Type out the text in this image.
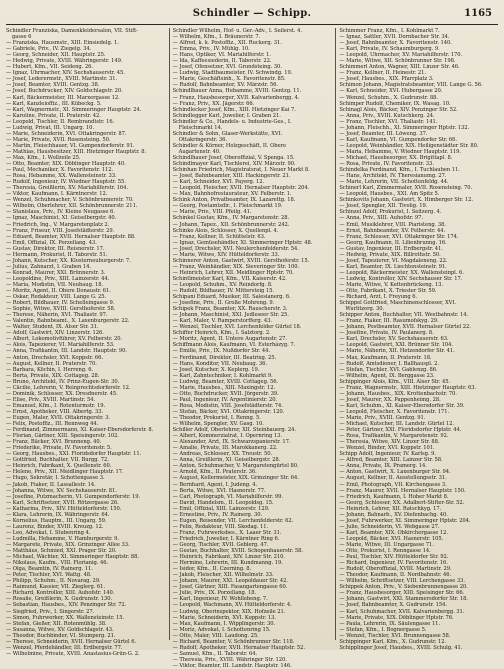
Schindler — Schipp.	1165
Schindler Franziska, Damenkleidersalon, VII. Stift-
gasse 6
— Franziska, Hausmstr., XIII. Einsiedelg. 1.
— Gabriele, Priv., IV. Ziegelg. 34.
— Georg, Schneider, XII. Hauptstr. 25.
— Hedwig, Private, XVIII. Währingerstr. 149.
— Hubert, Kfm., VII. Seideng. 26.
— Ignaz, Uhrmacher, XIV. Sechshauserstr. 45.
— Josef, Lederermstr., XVIII. Martinstr. 31.
— Josef, Beamter, XVIII. Gentzg. 38.
— Josef, Buchdrucker, XIV. Goldschlagstr. 20.
— Karl, Bäckermeister, III. Marxergasse 12.
— Karl, Kanzleioffiz., III. Kübeckg. 5.
— Karl, Wagnermstr., XI. Simmeringer Hauptstr. 24.
— Karoline, Private, II. Praterstr. 42.
— Leopold, Tischler, II. Rembrandtstr. 16.
— Ludwig, Privat, III. Ungarg. 10.
— Marie, Schneiderin, XVI. Ottakringerstr. 87.
— Marie, Private, XVII. Rosensteing. 50.
— Martin, Fleischhauer, VI. Gumpendorferstr. 91.
— Mathias, Hausbesitzer, XIII. Hietzinger Hauptstr. 8.
— Max, Kfm., I. Wollzeile 25.
— Otto, Beamter, XIX. Döblinger Hauptstr. 40.
— Paul, Mechaniker, X. Favoritenstr. 112.
— Rosa, Hebamme, XX. Wallensteinstr. 33.
— Rudolf, Ingenieur, IV. Wiedner Hauptstr. 55.
— Theresia, Greißlerin, XV. Mariahilferstr. 164.
— Viktor, Kaufmann, I. Kärntnerstr. 12.
— Wenzel, Schuhmacher, V. Schönbrunnerstr. 70.
— Wilhelm, Oberlehrer, XII. Schönbrunnerstr. 211.
— Stanislaus, Priv., IV. Kleine Neugasse 6.
— Ignaz, Maschinist, XI. Geiselbergstr. 40.
— Friedrich, Ing., V. Margaretenplatz 2.
— Franz, Friseur, VIII. Josefstädterstr. 29.
— Eduard, Beamter, XVII. Hernalser Hauptstr. 88.
— Emil, Offizial, IX. Porzellang. 43.
— Gustav, Direktor, III. Reisnerstr. 17.
— Hermann, Prokurist, II. Taborstr. 51.
— Johann, Kutscher, XX. Klosterneuburgerstr. 7.
— Julius, Zahnarzt, I. Graben 14.
— Konrad, Maurer, XXI. Brünnerstr. 3.
— Leopoldine, Priv., XIII. Lainzerstr. 44.
— Maria, Modistin, VII. Neubaug. 18.
— Moritz, Agent, II. Obere Donaustr. 61.
— Oskar, Redakteur, VIII. Lange G. 25.
— Robert, Bildhauer, IV. Schelleingasse 9.
— Sophie, Witwe, XVIII. Gersthoferstr. 58.
— Therese, Näherin, XVI. Thaliastr. 97.
— Valentin, Bahnbeamt., X. Laxenburgerstr. 22.
— Walter, Student, IX. Alser Str. 31.
— Adolf, Gastwirt, XIV. Linzerstr. 126.
— Albert, Lokomotivführer, XV. Felberstr. 20.
— Alois, Tapezierer, VI. Mariahilferstr. 53.
— Anna, Trafikantin, III. Landstr. Hauptstr. 90.
— Anton, Drechsler, XVI. Koppstr. 66.
— August, Kellner, II. Praterstr. 70.
— Barbara, Köchin, I. Herreng. 6.
— Berta, Private, XIX. Cottageg. 28.
— Bruno, Architekt, IV. Prinz-Eugen-Str. 30.
— Cäcilie, Lehrerin, V. Reinprechtsdorferstr. 12.
— Dominik, Schlosser, XX. Dresdnerstr. 45.
— Elise, Priv., XVIII. Martinstr. 54.
— Emanuel, Kfm., I. Rotenturmstr. 19.
— Ernst, Apotheker, VIII. Albertg. 33.
— Eugen, Maler, XVII. Ottakringerstr. 3.
— Felix, Postoffiz., III. Rennweg 44.
— Ferdinand, Zimmermann, XI. Kaiser-Ebersdorferstr. 8.
— Florian, Gärtner, XIII. Speisingerstr. 102.
— Franz, Bäcker, XVI. Brunneng. 40.
— Friederike, Private, IV. Favoritenstr. 5.
— Georg, Hausbes., XXI. Floridsdorfer Hauptstr. 11.
— Gottfried, Buchhalter, VII. Burgg. 72.
— Heinrich, Fabrikant, X. Quellenstr. 60.
— Helene, Priv., XII. Meidlinger Hauptstr. 17.
— Hugo, Sekretär, I. Schottengasse 3.
— Jakob, Fiaker, II. Lassallestr. 14.
— Johanna, Witwe, XV. Sechshauserstr. 81.
— Josefine, Putzmacherin, VI. Gumpendorferstr. 19.
— Karl, Schriftsetzer, XVII. Rötzergasse 26.
— Katharina, Priv., XIV. Hütteldorferstr. 150.
— Klara, Lehrerin, IX. Währingerstr. 64.
— Kornelius, Hauptm., III. Ungarg. 59.
— Laurenz, Binder, XVIII. Kreuzg. 12.
— Leo, Advokat, I. Stubenring 4.
— Ludmilla, Hebamme, V. Hamburgerstr. 9.
— Margarete, Private, XIX. Grinzinger Allee 33.
— Matthäus, Schmied, XXI. Prager Str. 20.
— Michael, Wächter, XI. Simmeringer Hauptstr. 88.
— Nikolaus, Kaufm., VIII. Florianig. 46.
— Olga, Beamtin, IV. Rainerg. 11.
— Peter, Tischler, XVI. Wattg. 48.
— Philipp, Schuhm., II. Novarag. 29.
— Raimund, Kassier, VII. Zieglerg. 61.
— Richard, Kontrollor, XIII. Auhofstr. 140.
— Rosalie, Greißlerin, X. Gudrunstr. 130.
— Sebastian, Hausbes., XIV. Penzinger Str. 72.
— Siegfried, Priv., I. Singerstr. 27.
— Simon, Fuhrwerker, XX. Wallensteinstr. 15.
— Stefan, Gießer, XII. Rotenmühlg. 38.
— Susanna, Witwe, XV. Goldschlagstr. 43.
— Theodor, Buchbinder, VI. Stumperg. 21.
— Therese, Schneiderin, XVII. Hernalser Gürtel 6.
— Wenzel, Pferdehändler, III. Erdbergstr. 77.
— Wilhelmine, Private, XVIII. Anastasius-Grün-G. 2.
Schindler Wilhelm, Hof- u. Ger.-Adv., I. Seilerst. 4.
— Wilhelm, Kfm., I. Bräunerstr. 7.
— Alfred, k. k. Postoffiz., XII. Ruckerg. 31.
— Emma, Priv., IV. Mühlg. 10.
— Hans, Optiker, VI. Mariahilferstr. 1.
— Ida, Kaffeesiederin, II. Taborstr. 22.
— Josef, Ofensetzer, XVI. Grundsteing. 30.
— Ludwig, Stadtbaumeister, IV. Schwindg. 19.
— Marie, Geschäftsinh., X. Favoritenstr. 85.
— Rudolf, Bahnbeamter, XV. Märzstr. 56.
Schindlbauer Anna, Hebamme, XVIII. Gentzg. 11.
— Franz, Hausbesorger, XVII. Kalvarienbergg. 4.
— Franz, Priv., XX. Jägerstr. 66.
Schindlecker Josef, Kfm., XIII. Hietzinger Kai 7.
Schindlegger Karl, Juwelier, I. Graben 21.
Schindler & Co., Handels- u. Industrie-Ges., I.
Fleischmarkt 14.
Schindler & Sohn, Glaser-Werkstätte, XVI.
Ottakringerstr. 36.
Schindler & Körner, Holzgeschäft, II. Obere
Augartenstr. 40.
Schindlhauer Josef, Oberoffizial, V. Spenga. 15.
Schindlmayer Karl, Tischlerei, XIV. Märzstr. 90.
Schinhan Friedrich, Magistratsrat, I. Neuer Markt 8.
— Josef, Bahnbeamter, XIII. Hackingerstr. 21.
— Karl, Schneider, XVI. Payerg. 12.
— Leopold, Fleischer, XVII. Hernalser Hauptstr. 204.
— Max, Bahnhofrestaurateur, XV. Felberstr. 1.
Schink Anton, Privatbeamter, IX. Lazarettg. 18.
— Georg, Postamtsdir., I. Fleischmarkt 19.
— Marie, Priv., VIII. Pfeilg. 41.
Schinkel Gustav, Kfm., IV. Margaretenstr. 28.
— Johann, Tapez., XII. Schönbrunnerstr. 242.
Schinko Alois, Schlosser, X. Quellenpl. 4.
— Franz, Kellner, II. Schüttelstr. 63.
— Ignaz, Gemüsehändler, XI. Simmeringer Hptstr. 48.
— Josef, Drechsler, XVI. Neulerchenfelderstr. 54.
— Marie, Witwe, XIV. Hütteldorferstr. 33.
Schinnerer Anton, Gastwirt, XVIII. Gersthoferstr. 15.
— Franz, Weinhändler, XIX. Sieveringer Str. 100.
— Heinrich, Lehrer, XII. Meidlinger Hptstr. 70.
Schintlmeister Karl, Kfm., VII. Kaiserstr. 42.
— Leopold, Schuhm., XV. Reindorfg. 8.
— Rudolf, Bildhauer, IV. Mittersteig 15.
Schipani Eduard, Musiker, III. Salesianerg. 6.
— Josefine, Priv., II. Große Mohreng. 9.
Schipek Franz, Beamter, XX. Rauscherstr. 3.
— Johann, Maschinist, XXI. Jedleseer Str. 25.
— Karl, Maler, V. Ramperstorfferg. 43.
— Wenzel, Tischler, XVI. Lerchenfelder Gürtel 18.
Schiffer Heinrich, Kfm., I. Salztorg. 2.
— Moritz, Agent, II. Untere Augartenstr. 27.
Schiffmann Alois, Kaufmann, VI. Esterházyg. 7.
— Emilie, Priv., IX. Nußdorfer Str. 44.
— Ferdinand, Direktor, III. Beatrixg. 25.
— Hans, Konditor, VII. Neubaug. 36.
— Josef, Kutscher, X. Keplerg. 19.
— Karl, Zahntechniker, I. Kohlmarkt 9.
— Ludwig, Beamter, XVIII. Cottageg. 56.
— Marie, Hausbes., XIII. Maxingstr. 12.
— Otto, Buchdrucker, XVII. Jörgerstr. 39.
— Paul, Ingenieur, IV. Argentinierstr. 20.
— Rosa, Modistin, VIII. Josefstädterstr. 74.
— Stefan, Bäcker, XVI. Ottakringerstr. 120.
— Theodor, Prokurist, I. Renng. 5.
— Wilhelm, Spengler, XV. Gasg. 10.
Schiller Adolf, Oberlehrer, XII. Steinbauerg. 24.
— Albert, Kommerzialrat, I. Opernring 13.
— Alexander, Arzt, IX. Schwarzspanierstr. 17.
— Amalie, Private, III. Marokkanerg. 22.
— Andreas, Schlosser, XX. Treustr. 50.
— Anna, Greißlerin, XI. Geiselbergstr. 28.
— Anton, Schuhmacher, V. Margaretengürtel 80.
— Arnold, Kfm., II. Praterstr. 36.
— August, Kellermeister, XIX. Grinzinger Str. 64.
— Bernhard, Agent, I. Judeng. 4.
— Berta, Witwe, XVI. Hasnerstr. 77.
— Carl, Photograph, VI. Mariahilferstr. 99.
— David, Handelsm., II. Leopoldsg. 15.
— Emil, Offizial, XIII. Lainzerstr. 129.
— Ernestine, Priv., IV. Rainerg. 30.
— Eugen, Reisender, VII. Lerchenfelderstr. 62.
— Felix, Redakteur, VIII. Skodag. 11.
— Franz, Fuhrwerksbes., X. Laaer Str. 31.
— Friedrich, Juwelier, I. Kärntner Ring 6.
— Georg, Tischler, XVII. Geblerg. 47.
— Gustav, Buchhalter, XVIII. Schopenhauerstr. 58.
— Heinrich, Fabrikant, XIV. Linzer Str. 210.
— Hermine, Lehrerin, III. Kundmanng. 19.
— Isidor, Kfm., II. Czerning. 8.
— Jakob, Fleischer, XII. Wilhelmstr. 33.
— Johann, Maurer, XXI. Leopoldauer Str. 42.
— Josef, Gärtner, XIII. Fasangartengasse 60.
— Julie, Priv., IX. Porzellang. 18.
— Karl, Ingenieur, IV. Wohllebeng. 7.
— Leopold, Wachmann, XV. Hütteldorferstr. 4.
— Ludwig, Oberinspektor, XIX. Hofzeile 21.
— Marie, Schneiderin, XVI. Koppstr. 13.
— Max, Kaufmann, I. Wipplingerstr. 30.
— Moriz, Advokat, I. Schottenring 15.
— Otto, Maler, VIII. Laudong. 25.
— Richard, Beamter, V. Schönbrunner Str. 118.
— Rudolf, Apotheker, XVII. Hernalser Hauptstr. 52.
— Samuel, Kfm., II. Taborstr. 64.
— Theresia, Priv., XVIII. Währinger Str. 120.
— Viktor, Beamter, III. Landstr. Hauptstr. 146.
Schimmer Franz, Kfm., I. Kohlmarkt 7.
— Ignaz, Sattler, XVII. Dornbacher Str. 34.
— Josef, Bahnbeamter, X. Favoritenstr. 140.
— Karl, Private, IV. Schaumburgerg. 9.
— Leopold, Uhrmacher, XV. Mariahilferstr. 170.
— Marie, Witwe, XII. Schönbrunner Str. 198.
Schimmerl Anton, Wagner, XIII. Linzer Str. 46.
— Franz, Kellner, II. Heinestr. 21.
— Josef, Hausbes., XIX. Pfarrplatz 3.
Schimon Johann, Magistratsbeamter, VIII. Lange G. 56.
— Karl, Schneider, XVI. Hubergasse 20.
— Wenzel, Schuhm., X. Gudrunstr. 88.
Schimper Rudolf, Chemiker, IX. Wasag. 10.
Schinagl Alois, Bäcker, XIV. Penzinger Str. 52.
— Anna, Priv., XVIII. Kutschkerg. 24.
— Franz, Tischler, XVI. Thaliastr. 141.
— Johann, Fleischh., XI. Simmeringer Hptstr. 132.
— Josef, Beamter, III. Löweng. 37.
— Karl, Kaufmann, VI. Gumpendorfer Str. 66.
— Leopold, Weinhändler, XIX. Heiligenstädter Str. 80.
— Maria, Hebamme, V. Wiedner Hauptstr. 119.
— Michael, Hausbesorger, XX. Brigittapl. 8.
— Rosa, Private, IV. Favoritenstr. 33.
Schindelka Ferdinand, Kfm., I. Tuchlauben 11.
— Hans, Architekt, IV. Theresianumg. 27.
— Marie, Lehrerin, VII. Schottenfeldg. 44.
Schinerl Karl, Zimmermaler, XVII. Rosensteing. 70.
— Leopold, Hausbes., XXI. Am Spitz 5.
Schinkovits Johann, Gastwirt, X. Himberger Str. 12.
— Josef, Spengler, XII. Tivolig. 19.
Schinzel Adolf, Prokurist, I. Seitzerg. 4.
— Anna, Priv., XIII. Auhofstr. 97.
— Emil, Musiklehrer, VIII. Piaristeng. 38.
— Ernst, Bahnbeamter, XV. Felberstr. 44.
— Franz, Schlosser, XVI. Ottakringer Str. 174.
— Georg, Kaufmann, II. Lilienbrunng. 16.
— Gustav, Ingenieur, III. Erdbergstr. 41.
— Hedwig, Private, XIX. Billrothstr. 50.
— Josef, Tapezierer, VI. Magdaleneng. 22.
— Karl, Beamter, IX. Liechtensteinstr. 91.
— Leopold, Bäckermeister, XX. Wallensteinpl. 6.
— Ludwig, Kontrollor, XIV. Sechshauser Str. 17.
— Marie, Witwe, V. Kettenbrückeng. 13.
— Otto, Fabrikant, X. Triester Str. 59.
— Richard, Arzt, I. Freyung 6.
Schippel Gottfried, Maschinenschlosser, XVI.
Wurlitzerg. 30.
Schipper Anton, Buchhalter, VII. Westbahnstr. 14.
— Franz, Fiaker, III. Rasumofskyg. 29.
— Johann, Postbeamter, XVII. Hernalser Gürtel 22.
— Josefine, Private, IV. Paulanerg. 8.
— Karl, Drechsler, XV. Sechshauserstr. 63.
— Leopold, Gastwirt, XXI. Brünner Str. 104.
— Marie, Näherin, XII. Hetzendorfer Str. 41.
— Max, Kaufmann, II. Praterstr. 18.
— Rudolf, Amtsdiener, I. Ballhauspl. 2.
— Stefan, Tischler, XVI. Gablenzg. 86.
— Wilhelm, Agent, IX. Berggasse 23.
Schippinger Alois, Kfm., VIII. Alser Str. 45.
— Franz, Wagnermstr., XIII. Hietzinger Hauptstr. 63.
— Johann, Hausbes., XIX. Krottenbachstr. 70.
— Josef, Maurer, XX. Pappenheimg. 28.
— Karl, Schuhm., XI. Kaiser-Ebersdorfer Str. 39.
— Leopold, Fleischer, X. Favoritenstr. 171.
— Marie, Priv., XVIII. Gentzg. 91.
— Michael, Kutscher, III. Landstr. Gürtel 12.
— Peter, Gärtner, XXI. Floridsdorfer Hptstr. 44.
— Rosa, Trafikantin, V. Margaretenstr. 92.
— Theresia, Witwe, XIV. Linzer Str. 88.
— Wenzel, Binder, XVI. Koppstr. 101.
Schipp Adolf, Ingenieur, IV. Karlsg. 9.
— Alfred, Beamter, XIII. Lainzer Str. 58.
— Anna, Private, IX. Pramerg. 14.
— Anton, Gastwirt, X. Laxenburger Str. 94.
— August, Kellner, II. Ausstellungsstr. 31.
— Emil, Photograph, VII. Kirchengasse 3.
— Franz, Maurer, XVII. Hernalser Hauptstr. 150.
— Friedrich, Kaufmann, I. Hoher Markt 8.
— Georg, Schlosser, XX. Adalbert-Stifter-Str. 52.
— Heinrich, Lehrer, XII. Ratschkyg. 17.
— Johann, Bahnarb., XV. Diefenbachg. 40.
— Josef, Fuhrwerker, XI. Simmeringer Hptstr. 204.
— Julie, Schneiderin, VI. Webgasse 27.
— Karl, Beamter, XIX. Obkirchergasse 12.
— Leopold, Bäcker, XVI. Hasnerstr. 105.
— Marie, Witwe, III. Ungargasse 71.
— Otto, Prokurist, I. Renngasse 14.
— Paul, Tischler, XIV. Hütteldorfer Str. 92.
— Richard, Ingenieur, IV. Favoritenstr. 16.
— Rudolf, Oberoffizial, XVIII. Martinstr. 29.
— Theodor, Kaufmann, II. Nordbahnstr. 46.
— Wilhelm, Schriftsetzer, VIII. Lerchengasse 33.
Schippek Anton, Priv., V. Siebenbrunnengasse 20.
— Franz, Hausbesorger, XIII. Speisinger Str. 66.
— Johann, Gastwirt, XXI. Stammersdorfer Str. 18.
— Josef, Bahnbeamter, X. Gudrunstr. 154.
— Karl, Schuhmacher, XVII. Kalvarienbergg. 31.
— Marie, Private, XIX. Döblinger Hptstr. 76.
— Paula, Lehrerin, IX. Säulengasse 11.
— Stefan, Kfm., I. Bognergasse 5.
— Wenzel, Tischler, XVI. Brunnengasse 58.
Schippinger Karl, Kfm., X. Gudrunstr. 12.
Schipplinger Josef, Hausbes., XVIII. Schulg. 41.
